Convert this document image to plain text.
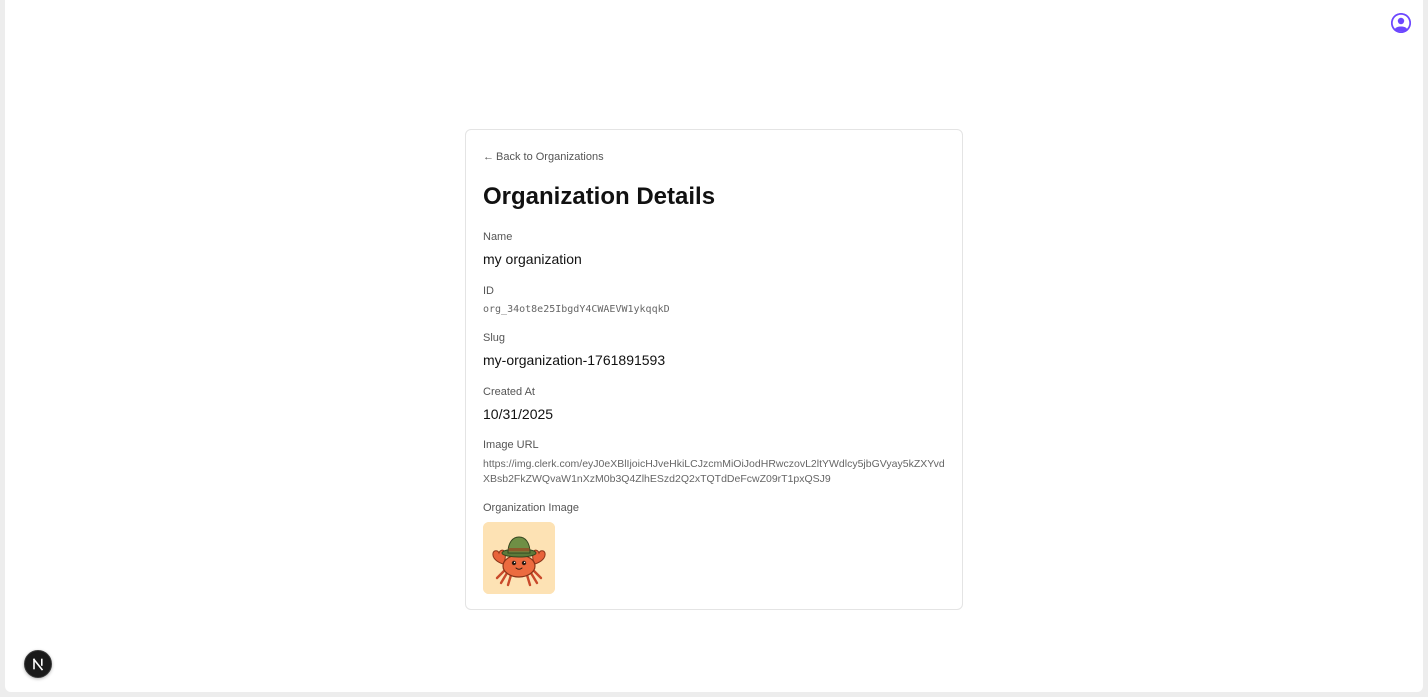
← Back to Organizations
Organization Details
Name
my organization
ID
org_34ot8e25IbgdY4CWAEVW1ykqqkD
Slug
my-organization-1761891593
Created At
10/31/2025
Image URL
https://img.clerk.com/eyJ0eXBlIjoicHJveHkiLCJzcmMiOiJodHRwczovL2ltYWdlcy5jbGVyay5kZXYvdXBsb2FkZWQvaW1nXzM0b3Q4ZlhESzd2Q2xTQTdDeFcwZ09rT1pxQSJ9
Organization Image
